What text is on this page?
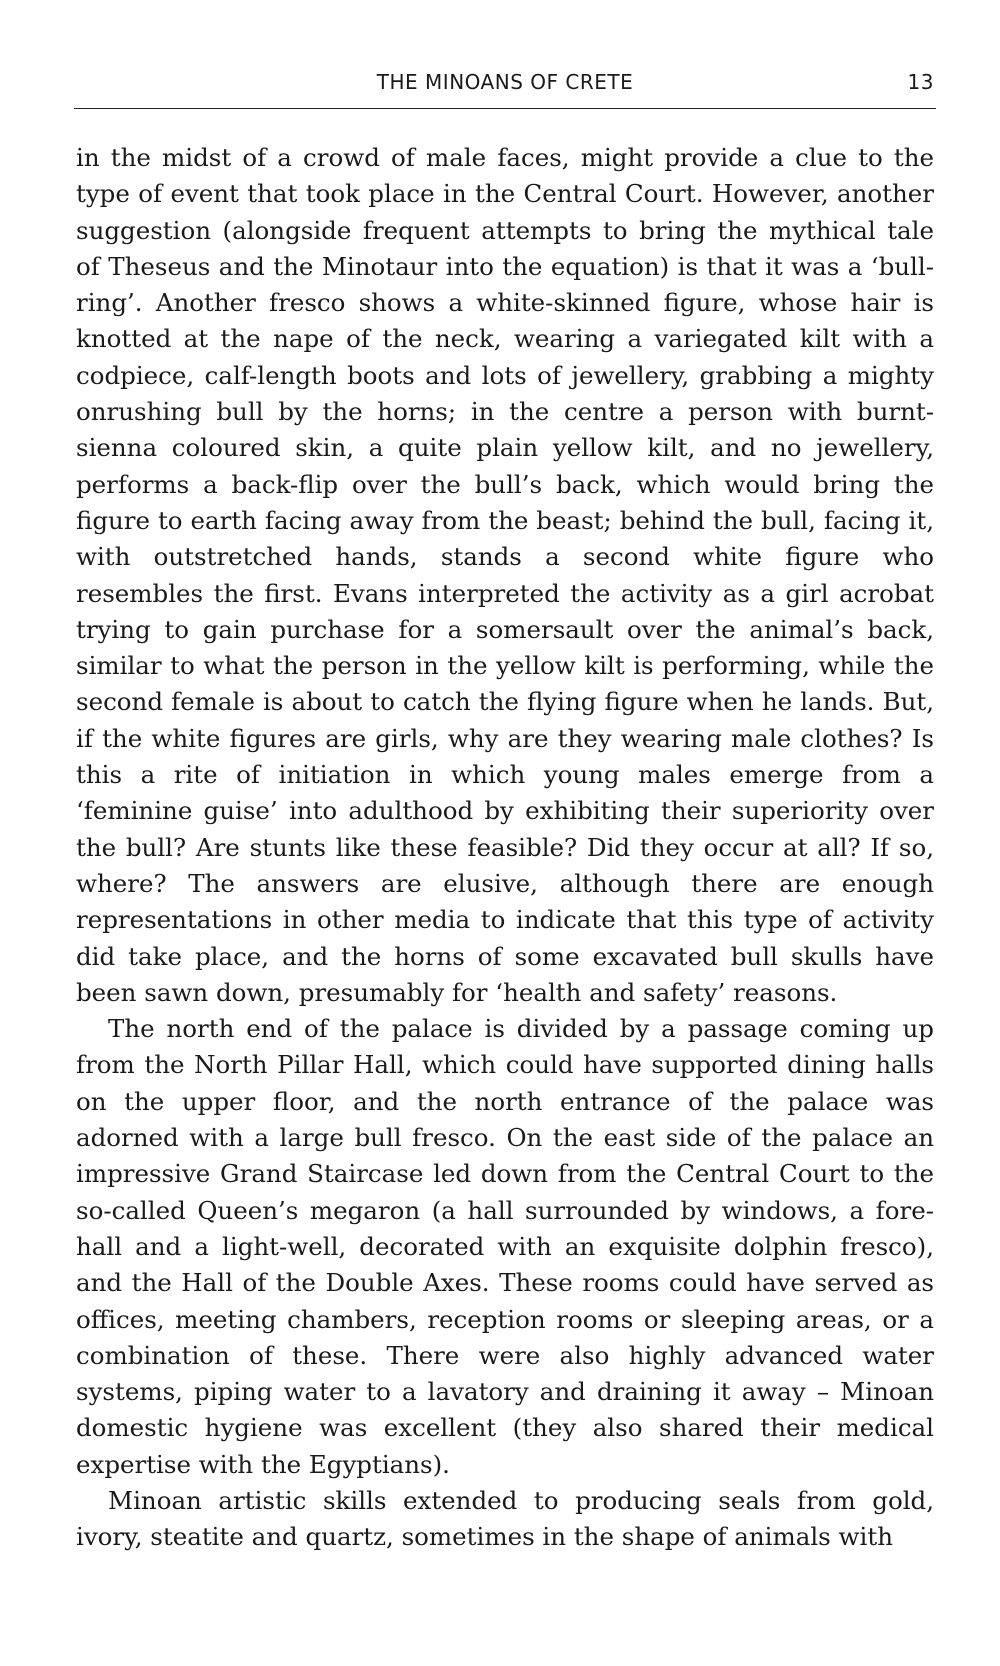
THE MINOANS OF CRETE	13

in the midst of a crowd of male faces, might provide a clue to the type of event that took place in the Central Court. However, another suggestion (alongside frequent attempts to bring the mythical tale of Theseus and the Minotaur into the equation) is that it was a ‘bull-ring’. Another fresco shows a white-skinned figure, whose hair is knotted at the nape of the neck, wearing a variegated kilt with a codpiece, calf-length boots and lots of jewellery, grabbing a mighty onrushing bull by the horns; in the centre a person with burnt-sienna coloured skin, a quite plain yellow kilt, and no jewellery, performs a back-flip over the bull’s back, which would bring the figure to earth facing away from the beast; behind the bull, facing it, with outstretched hands, stands a second white figure who resembles the first. Evans interpreted the activity as a girl acrobat trying to gain purchase for a somersault over the animal’s back, similar to what the person in the yellow kilt is performing, while the second female is about to catch the flying figure when he lands. But, if the white figures are girls, why are they wearing male clothes? Is this a rite of initiation in which young males emerge from a ‘feminine guise’ into adulthood by exhibiting their superiority over the bull? Are stunts like these feasible? Did they occur at all? If so, where? The answers are elusive, although there are enough representations in other media to indicate that this type of activity did take place, and the horns of some excavated bull skulls have been sawn down, presumably for ‘health and safety’ reasons.

The north end of the palace is divided by a passage coming up from the North Pillar Hall, which could have supported dining halls on the upper floor, and the north entrance of the palace was adorned with a large bull fresco. On the east side of the palace an impressive Grand Staircase led down from the Central Court to the so-called Queen’s megaron (a hall surrounded by windows, a fore-hall and a light-well, decorated with an exquisite dolphin fresco), and the Hall of the Double Axes. These rooms could have served as offices, meeting chambers, reception rooms or sleeping areas, or a combination of these. There were also highly advanced water systems, piping water to a lavatory and draining it away – Minoan domestic hygiene was excellent (they also shared their medical expertise with the Egyptians).

Minoan artistic skills extended to producing seals from gold, ivory, steatite and quartz, sometimes in the shape of animals with
